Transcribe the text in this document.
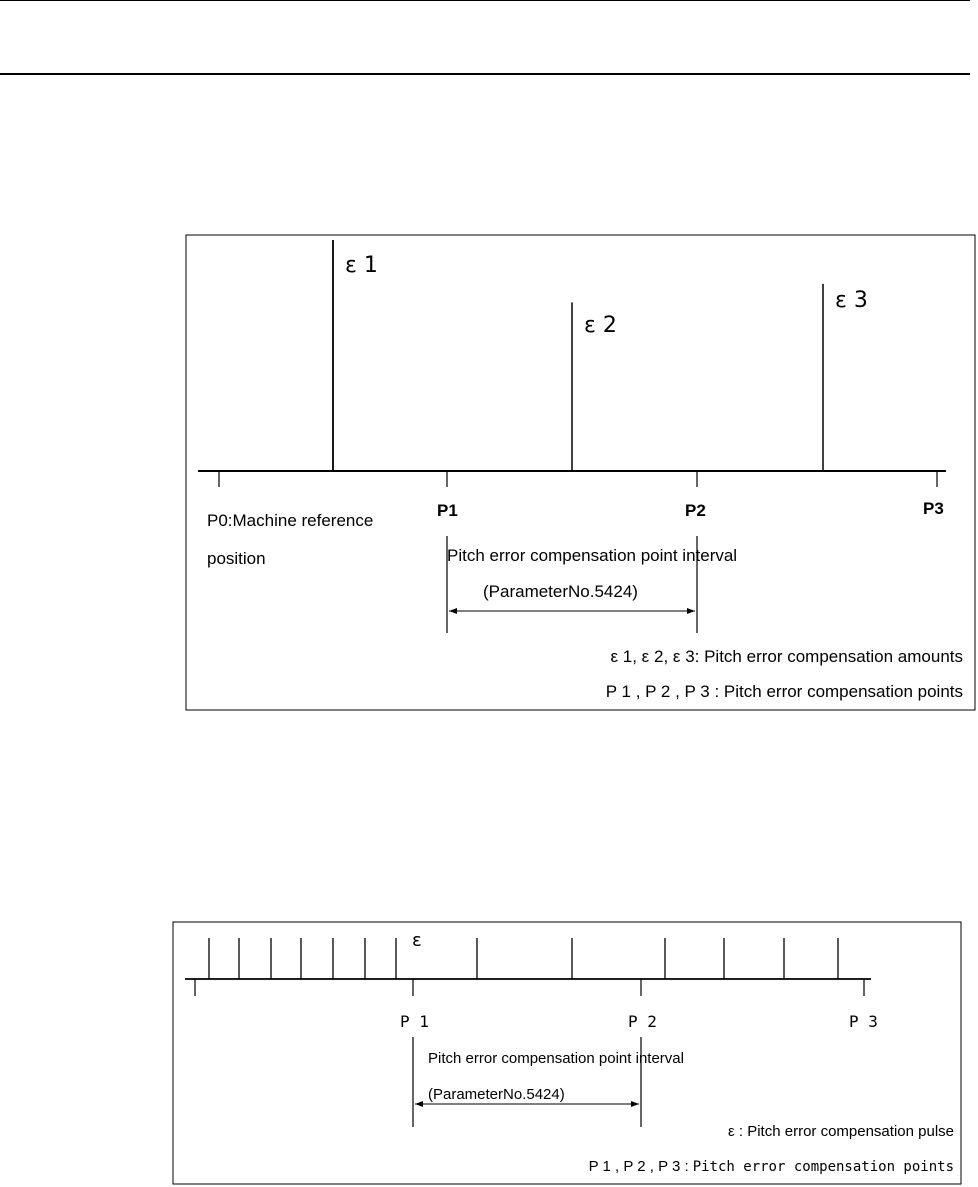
ε 1
ε 2
ε 3
P1	P2	P3
P0:Machine reference
position	Pitch error compensation point interval
(ParameterNo.5424)
ε 1, ε 2, ε 3: Pitch error compensation amounts
P 1 , P 2 , P 3 : Pitch error compensation points
ε
P 1	P 2	P 3
Pitch error compensation point interval
(ParameterNo.5424)
ε : Pitch error compensation pulse
P 1 , P 2 , P 3 : Pitch error compensation points
